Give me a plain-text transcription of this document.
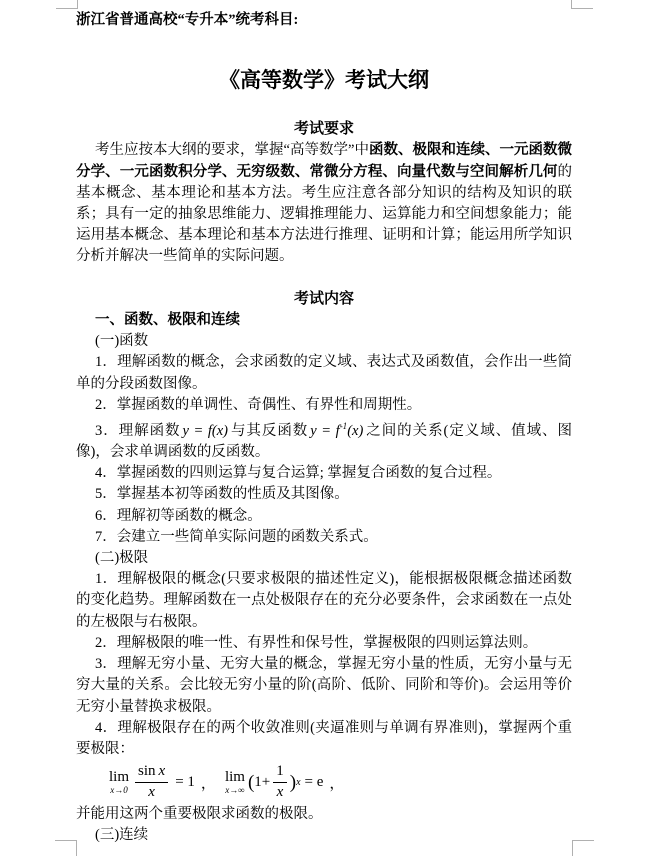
浙江省普通高校“专升本”统考科目:

《高等数学》考试大纲

考试要求

考生应按本大纲的要求，掌握“高等数学”中函数、极限和连续、一元函数微分学、一元函数积分学、无穷级数、常微分方程、向量代数与空间解析几何的基本概念、基本理论和基本方法。考生应注意各部分知识的结构及知识的联系；具有一定的抽象思维能力、逻辑推理能力、运算能力和空间想象能力；能运用基本概念、基本理论和基本方法进行推理、证明和计算；能运用所学知识分析并解决一些简单的实际问题。

考试内容

一、函数、极限和连续

(一)函数

1．理解函数的概念，会求函数的定义域、表达式及函数值，会作出一些简单的分段函数图像。

2．掌握函数的单调性、奇偶性、有界性和周期性。

3．理解函数 y = f(x) 与其反函数 $y = f^{-1}(x)$ 之间的关系(定义域、值域、图像)，会求单调函数的反函数。

4．掌握函数的四则运算与复合运算; 掌握复合函数的复合过程。

5．掌握基本初等函数的性质及其图像。

6．理解初等函数的概念。

7．会建立一些简单实际问题的函数关系式。

(二)极限

1．理解极限的概念(只要求极限的描述性定义)，能根据极限概念描述函数的变化趋势。理解函数在一点处极限存在的充分必要条件，会求函数在一点处的左极限与右极限。

2．理解极限的唯一性、有界性和保号性，掌握极限的四则运算法则。

3．理解无穷小量、无穷大量的概念，掌握无穷小量的性质，无穷小量与无穷大量的关系。会比较无穷小量的阶(高阶、低阶、同阶和等价)。会运用等价无穷小量替换求极限。

4．理解极限存在的两个收敛准则(夹逼准则与单调有界准则)，掌握两个重要极限：

lim
$x\to 0 \frac{\text{sin x}}{x} = 1$ ， lim
x→∞ ( $1+ \frac{1}{x}$ ) x = e ，

并能用这两个重要极限求函数的极限。

(三)连续
